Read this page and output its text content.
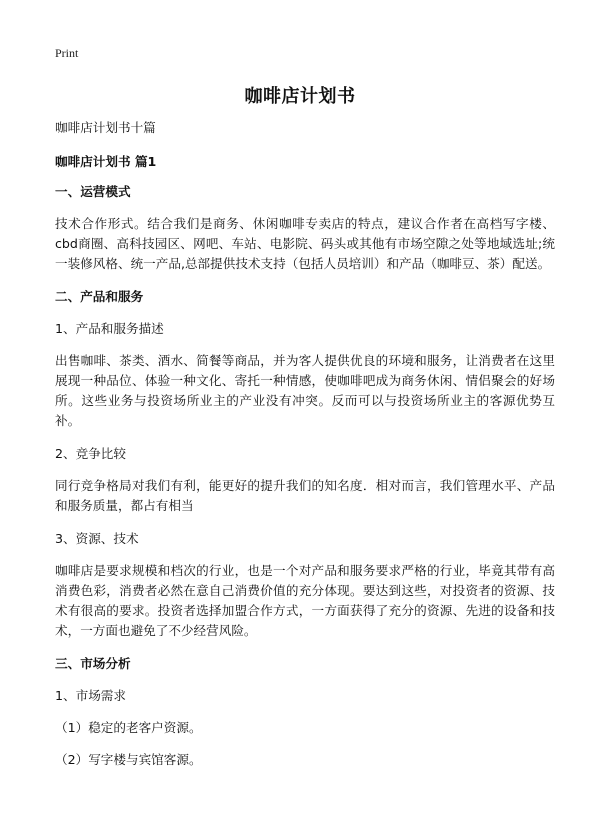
Print
咖啡店计划书

咖啡店计划书十篇

咖啡店计划书 篇1

一、运营模式

技术合作形式。结合我们是商务、休闲咖啡专卖店的特点，建议合作者在高档写字楼、cbd商圈、高科技园区、网吧、车站、电影院、码头或其他有市场空隙之处等地域选址;统一装修风格、统一产品,总部提供技术支持（包括人员培训）和产品（咖啡豆、茶）配送。

二、产品和服务

1、产品和服务描述

出售咖啡、茶类、酒水、简餐等商品，并为客人提供优良的环境和服务，让消费者在这里展现一种品位、体验一种文化、寄托一种情感，使咖啡吧成为商务休闲、情侣聚会的好场所。这些业务与投资场所业主的产业没有冲突。反而可以与投资场所业主的客源优势互补。

2、竞争比较

同行竞争格局对我们有利，能更好的提升我们的知名度．相对而言，我们管理水平、产品和服务质量，都占有相当

3、资源、技术

咖啡店是要求规模和档次的行业，也是一个对产品和服务要求严格的行业，毕竟其带有高消费色彩，消费者必然在意自己消费价值的充分体现。要达到这些，对投资者的资源、技术有很高的要求。投资者选择加盟合作方式，一方面获得了充分的资源、先进的设备和技术，一方面也避免了不少经营风险。

三、市场分析

1、市场需求

（1）稳定的老客户资源。

（2）写字楼与宾馆客源。
